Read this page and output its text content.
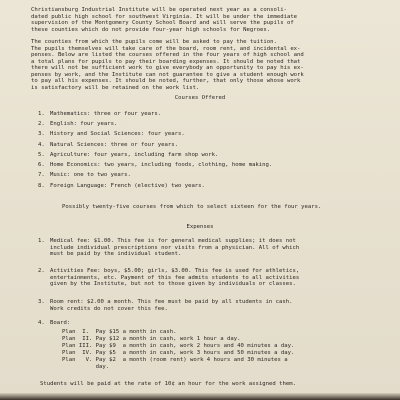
Christiansburg Industrial Institute will be operated next year as a consoli-
dated public high school for southwest Virginia. It will be under the immediate
supervision of the Montgomery County School Board and will serve the pupils of
these counties which do not provide four-year high schools for Negroes.
The counties from which the pupils come will be asked to pay the tuition.
The pupils themselves will take care of the board, room rent, and incidental ex-
penses. Below are listed the courses offered in the four years of high school and
a total plans for pupils to pay their boarding expenses. It should be noted that
there will not be sufficient work to give everybody an opportunity to pay his ex-
penses by work, and the Institute can not guarantee to give a student enough work
to pay all his expenses. It should be noted, further, that only those whose work
is satisfactory will be retained on the work list.
Courses Offered
1. Mathematics: three or four years.
2. English: four years.
3. History and Social Sciences: four years.
4. Natural Sciences: three or four years.
5. Agriculture: four years, including farm shop work.
6. Home Economics: two years, including foods, clothing, home making.
7. Music: one to two years.
8. Foreign Language: French (elective) two years.
Possibly twenty-five courses from which to select sixteen for the four years.
Expenses
1. Medical fee: $1.00. This fee is for general medical supplies; it does not
include individual prescriptions nor visits from a physician. All of which
must be paid by the individual student.
2. Activities Fee: boys, $5.00; girls, $3.00. This fee is used for athletics,
entertainments, etc. Payment of this fee admits students to all activities
given by the Institute, but not to those given by individuals or classes.
3. Room rent: $2.00 a month. This fee must be paid by all students in cash.
Work credits do not cover this fee.
4. Board:
Plan  I.  Pay $15 a month in cash.
Plan  II. Pay $12 a month in cash, work 1 hour a day.
Plan III. Pay $9  a month in cash, work 2 hours and 40 minutes a day.
Plan  IV. Pay $5  a month in cash, work 3 hours and 50 minutes a day.
Plan   V. Pay $2  a month (room rent) work 4 hours and 30 minutes a
day.
Students will be paid at the rate of 10¢ an hour for the work assigned them.
